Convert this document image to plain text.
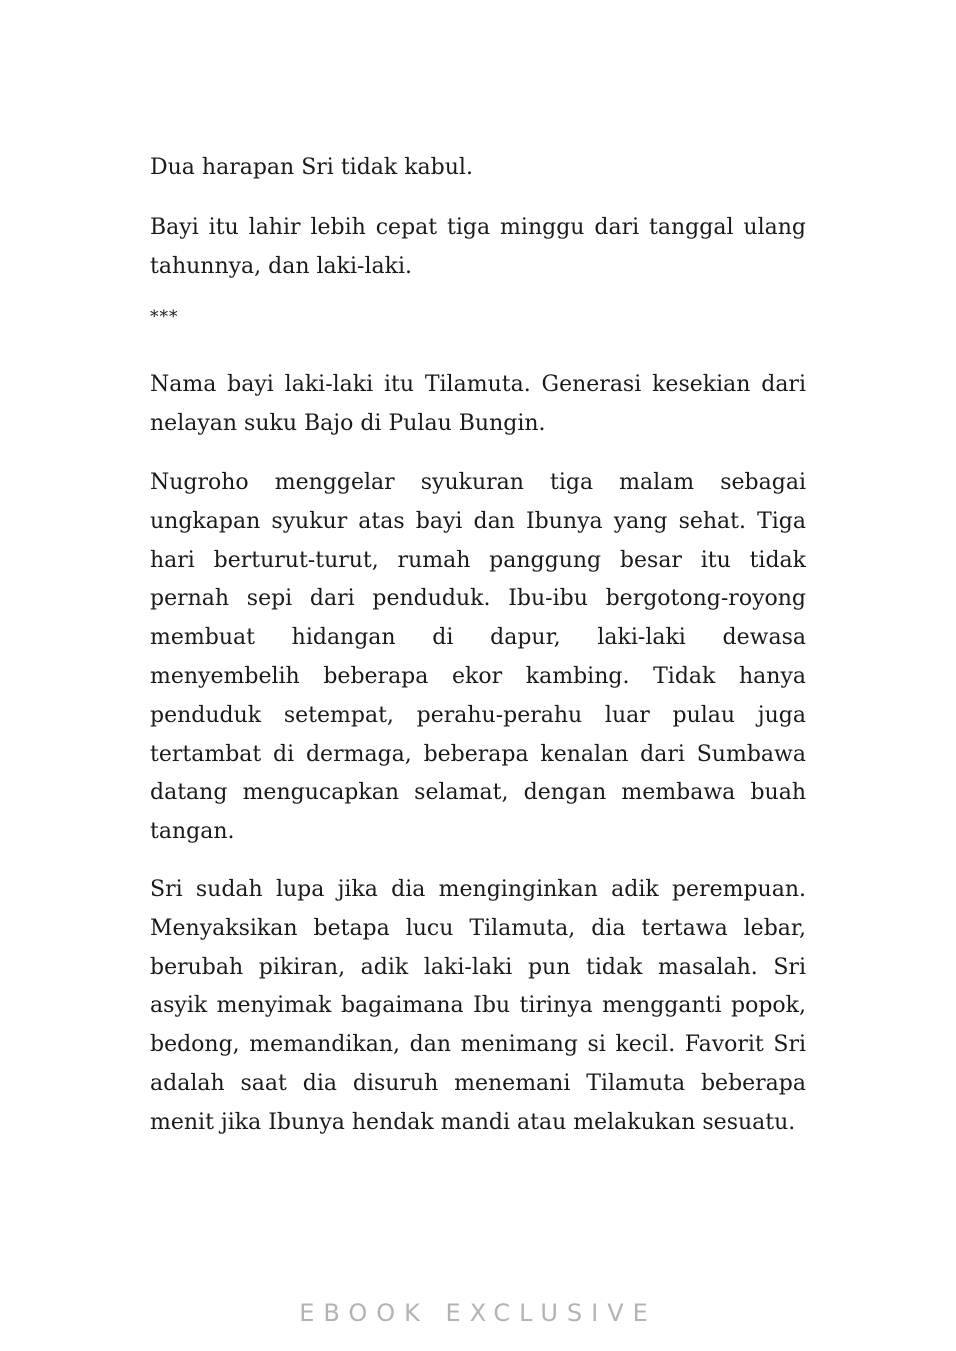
Dua harapan Sri tidak kabul.

Bayi itu lahir lebih cepat tiga minggu dari tanggal ulang tahunnya, dan laki-laki.

***

Nama bayi laki-laki itu Tilamuta. Generasi kesekian dari nelayan suku Bajo di Pulau Bungin.

Nugroho menggelar syukuran tiga malam sebagai ungkapan syukur atas bayi dan Ibunya yang sehat. Tiga hari berturut-turut, rumah panggung besar itu tidak pernah sepi dari penduduk. Ibu-ibu bergotong-royong membuat hidangan di dapur, laki-laki dewasa menyembelih beberapa ekor kambing. Tidak hanya penduduk setempat, perahu-perahu luar pulau juga tertambat di dermaga, beberapa kenalan dari Sumbawa datang mengucapkan selamat, dengan membawa buah tangan.

Sri sudah lupa jika dia menginginkan adik perempuan. Menyaksikan betapa lucu Tilamuta, dia tertawa lebar, berubah pikiran, adik laki-laki pun tidak masalah. Sri asyik menyimak bagaimana Ibu tirinya mengganti popok, bedong, memandikan, dan menimang si kecil. Favorit Sri adalah saat dia disuruh menemani Tilamuta beberapa menit jika Ibunya hendak mandi atau melakukan sesuatu.

EBOOK EXCLUSIVE
